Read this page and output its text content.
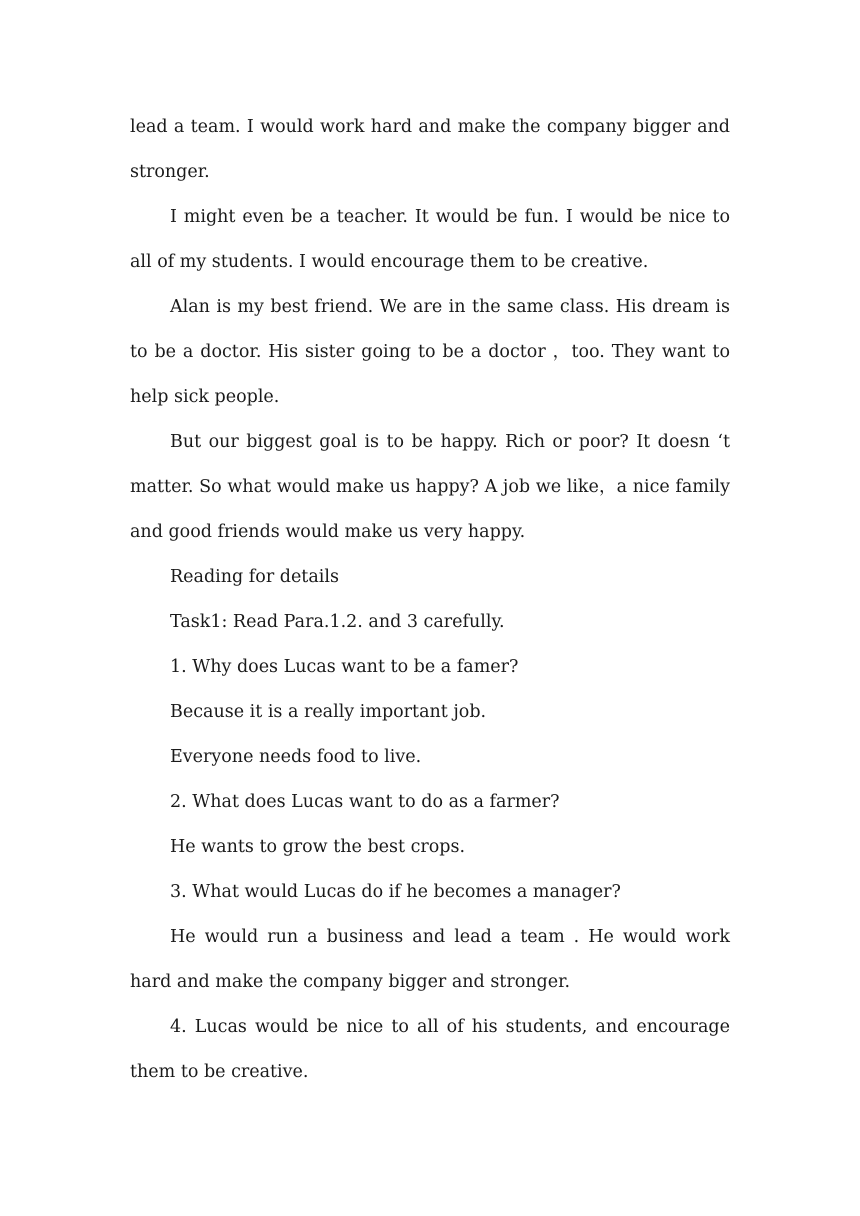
lead a team. I would work hard and make the company bigger and stronger.

I might even be a teacher. It would be fun. I would be nice to all of my students. I would encourage them to be creative.

Alan is my best friend. We are in the same class. His dream is to be a doctor. His sister going to be a doctor ，too. They want to help sick people.

But our biggest goal is to be happy. Rich or poor? It doesn ‘t matter. So what would make us happy? A job we like，a nice family and good friends would make us very happy.

Reading for details

Task1: Read Para.1.2. and 3 carefully.

1. Why does Lucas want to be a famer?

Because it is a really important job.

Everyone needs food to live.

2. What does Lucas want to do as a farmer?

He wants to grow the best crops.

3. What would Lucas do if he becomes a manager?

He would run a business and lead a team . He would work hard and make the company bigger and stronger.

4. Lucas would be nice to all of his students, and encourage them to be creative.
